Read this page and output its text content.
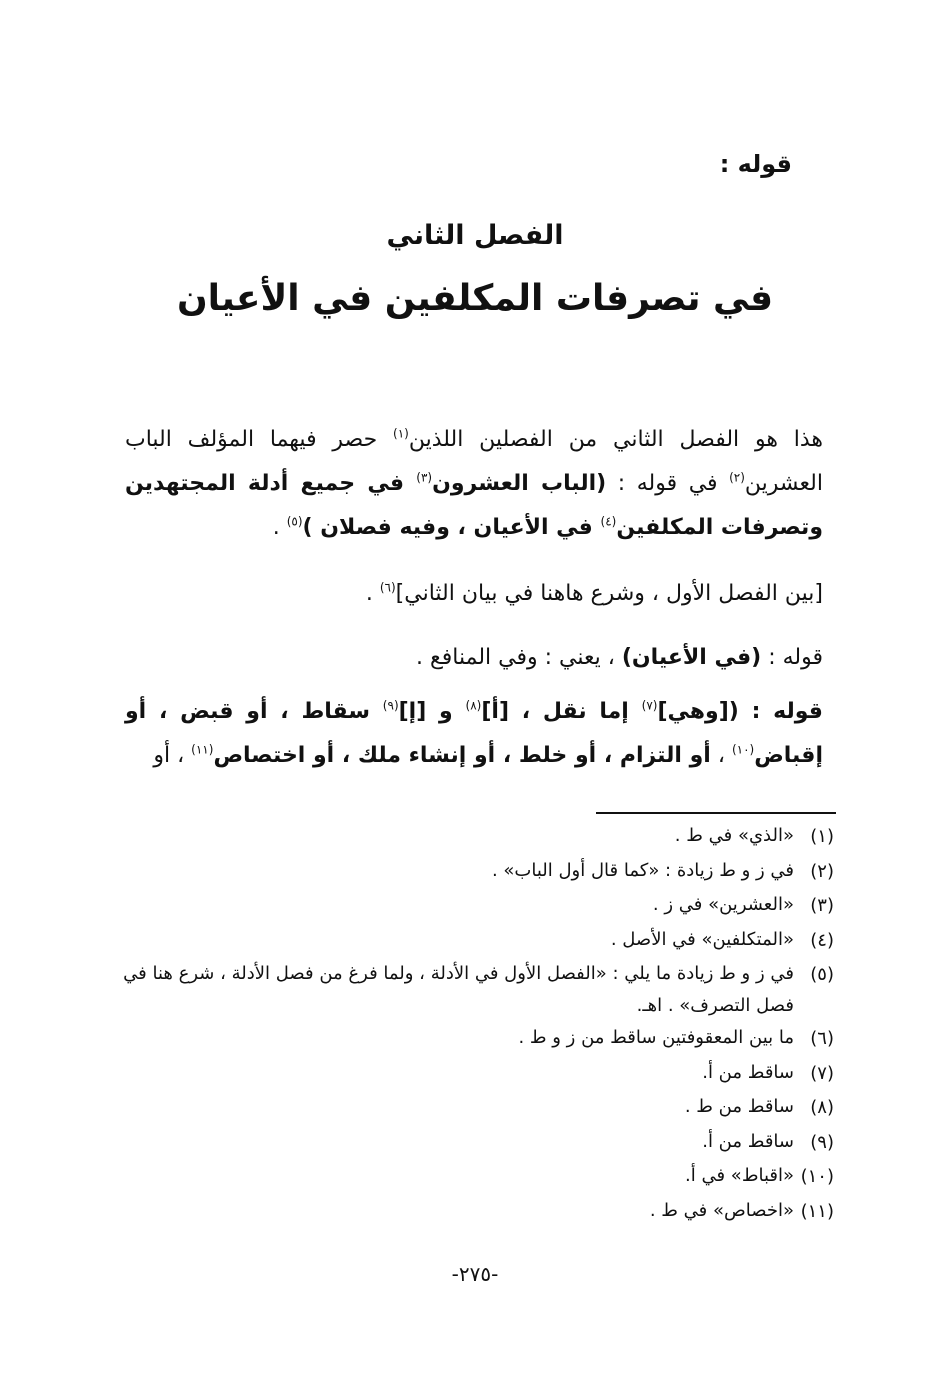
قوله :
الفصل الثاني
في تصرفات المكلفين في الأعيان

هذا هو الفصل الثاني من الفصلين اللذين$^{(١)}$ حصر فيهما المؤلف الباب العشرين$^{(٢)}$ في قوله : (الباب العشرون$^{(٣)}$ في جميع أدلة المجتهدين وتصرفات المكلفين$^{(٤)}$ في الأعيان ، وفيه فصلان )$^{(٥)}$ .

[بين الفصل الأول ، وشرع هاهنا في بيان الثاني]$^{(٦)}$ .

قوله : (في الأعيان) ، يعني : وفي المنافع .

قوله : ([وهي]$^{(٧)}$ إما نقل ، [أ]$^{(٨)}$ و [إ]$^{(٩)}$ سقاط ، أو قبض ، أو إقباض$^{(١٠)}$ ، أو التزام ، أو خلط ، أو إنشاء ملك ، أو اختصاص$^{(١١)}$ ، أو

(١)
«الذي» في ط .
(٢)
في ز و ط زيادة : «كما قال أول الباب» .
(٣)
«العشرين» في ز .
(٤)
«المتكلفين» في الأصل .
(٥)
في ز و ط زيادة ما يلي : «الفصل الأول في الأدلة ، ولما فرغ من فصل الأدلة ، شرع هنا في فصل التصرف» . اهـ.
(٦)
ما بين المعقوفتين ساقط من ز و ط .
(٧)
ساقط من أ.
(٨)
ساقط من ط .
(٩)
ساقط من أ.
(١٠)
«اقباط» في أ.
(١١)
«اخصاص» في ط .
-٢٧٥-
